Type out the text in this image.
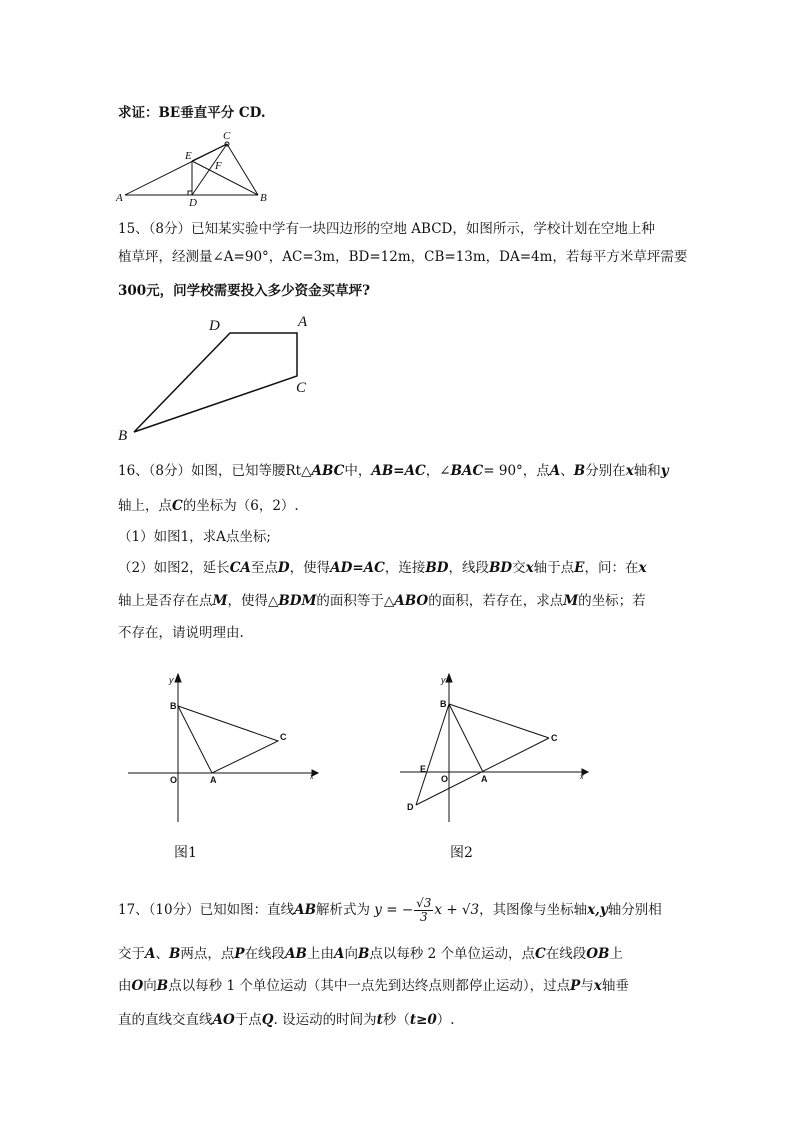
求证：BE垂直平分 CD.
A	B
C
D
E
F
15、（8分）已知某实验中学有一块四边形的空地 ABCD，如图所示，学校计划在空地上种
植草坪，经测量∠A=90°，AC=3m，BD=12m，CB=13m，DA=4m，若每平方米草坪需要
300元，问学校需要投入多少资金买草坪?
D	A
C
B
16、（8分）如图，已知等腰Rt△ABC中，AB=AC，∠BAC= 90°，点A、B分别在x轴和y
轴上，点C的坐标为（6，2）.
（1）如图1，求A点坐标;
（2）如图2，延长CA至点D，使得AD=AC，连接BD，线段BD交x轴于点E，问：在x
轴上是否存在点M，使得△BDM的面积等于△ABO的面积，若存在，求点M的坐标；若
不存在，请说明理由.
y
x
B
C
O	A
图1
y
x
B
C
O	A
E
D
图2
17、（10分）已知如图：直线AB解析式为 y = − $\frac{√3}{3}$ x + √3，其图像与坐标轴x,y轴分别相
交于A、B两点，点P在线段AB上由A向B点以每秒 2 个单位运动，点C在线段OB上
由O向B点以每秒 1 个单位运动（其中一点先到达终点则都停止运动），过点P与x轴垂
直的直线交直线AO于点Q. 设运动的时间为t秒（t≥0）.
